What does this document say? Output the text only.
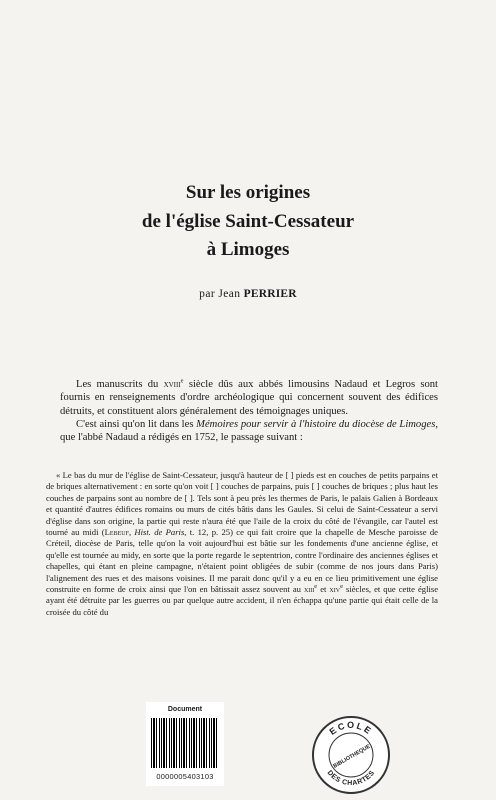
Sur les origines
de l'église Saint-Cessateur
à Limoges
par Jean PERRIER

Les manuscrits du xviii$^e$ siècle dûs aux abbés limousins Nadaud et Legros sont fournis en renseignements d'ordre archéologique qui concernent souvent des édifices détruits, et constituent alors généralement des témoignages uniques.

C'est ainsi qu'on lit dans les Mémoires pour servir à l'histoire du diocèse de Limoges, que l'abbé Nadaud a rédigés en 1752, le passage suivant :

« Le bas du mur de l'église de Saint-Cessateur, jusqu'à hauteur de [ ] pieds est en couches de petits parpains et de briques alternativement : en sorte qu'on voit [ ] couches de parpains, puis [ ] couches de briques ; plus haut les couches de parpains sont au nombre de [ ]. Tels sont à peu près les thermes de Paris, le palais Galien à Bordeaux et quantité d'autres édifices romains ou murs de cités bâtis dans les Gaules. Si celui de Saint-Cessateur a servi d'église dans son origine, la partie qui reste n'aura été que l'aile de la croix du côté de l'évangile, car l'autel est tourné au midi (Lebeuf, Hist. de Paris, t. 12, p. 25) ce qui fait croire que la chapelle de Mesche paroisse de Créteil, diocèse de Paris, telle qu'on la voit aujourd'hui est bâtie sur les fondements d'une ancienne église, et qu'elle est tournée au midy, en sorte que la porte regarde le septentrion, contre l'ordinaire des anciennes églises et chapelles, qui étant en pleine campagne, n'étaient point obligées de subir (comme de nos jours dans Paris) l'alignement des rues et des maisons voisines. Il me parait donc qu'il y a eu en ce lieu primitivement une église construite en forme de croix ainsi que l'on en bâtissait assez souvent au xiii$^e$ et xiv$^e$ siècles, et que cette église ayant été détruite par les guerres ou par quelque autre accident, il n'en échappa qu'une partie qui était celle de la croisée du côté du

Document
0000005403103
ECOLE
BIBLIOTHEQUE
DES CHARTES
